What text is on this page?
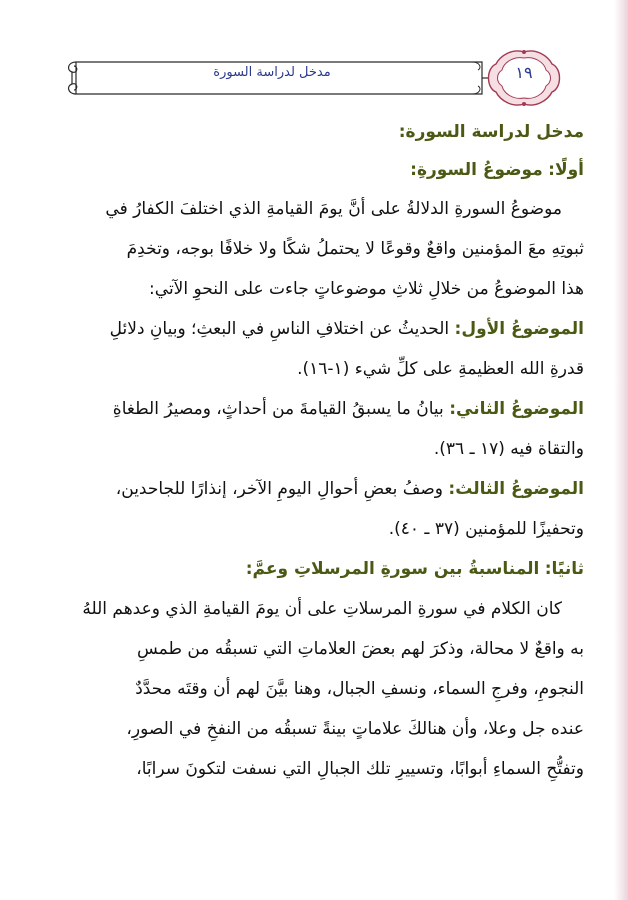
١٩
مدخل لدراسة السورة
مدخل لدراسة السورة:
أولًا: موضوعُ السورةِ:
موضوعُ السورةِ الدلالةُ على أنَّ يومَ القيامةِ الذي اختلفَ الكفارُ في
ثبوتِهِ معَ المؤمنين واقعٌ وقوعًا لا يحتملُ شكًا ولا خلافًا بوجه، وتخدِمَ
هذا الموضوعُ من خلالِ ثلاثِ موضوعاتٍ جاءت على النحوِ الآتي:
الموضوعُ الأول: الحديثُ عن اختلافِ الناسِ في البعثِ؛ وبيانِ دلائلِ
قدرةِ الله العظيمةِ على كلِّ شيء (١-١٦).
الموضوعُ الثاني: بيانُ ما يسبقُ القيامةَ من أحداثٍ، ومصيرُ الطغاةِ
والتقاة فيه (١٧ ـ ٣٦).
الموضوعُ الثالث: وصفُ بعضِ أحوالِ اليومِ الآخر، إنذارًا للجاحدين،
وتحفيزًا للمؤمنين (٣٧ ـ ٤٠).
ثانيًا: المناسبةُ بين سورةِ المرسلاتِ وعمَّ:
كان الكلام في سورةِ المرسلاتِ على أن يومَ القيامةِ الذي وعدهم اللهُ
به واقعٌ لا محالة، وذكرَ لهم بعضَ العلاماتِ التي تسبقُه من طمسِ
النجومِ، وفرجِ السماء، ونسفِ الجبال، وهنا بيَّنَ لهم أن وقتَه محدَّدٌ
عنده جل وعلا، وأن هنالكَ علاماتٍ بينةً تسبقُه من النفخِ في الصورِ،
وتفتُّحِ السماءِ أبوابًا، وتسييرِ تلك الجبالِ التي نسفت لتكونَ سرابًا،
